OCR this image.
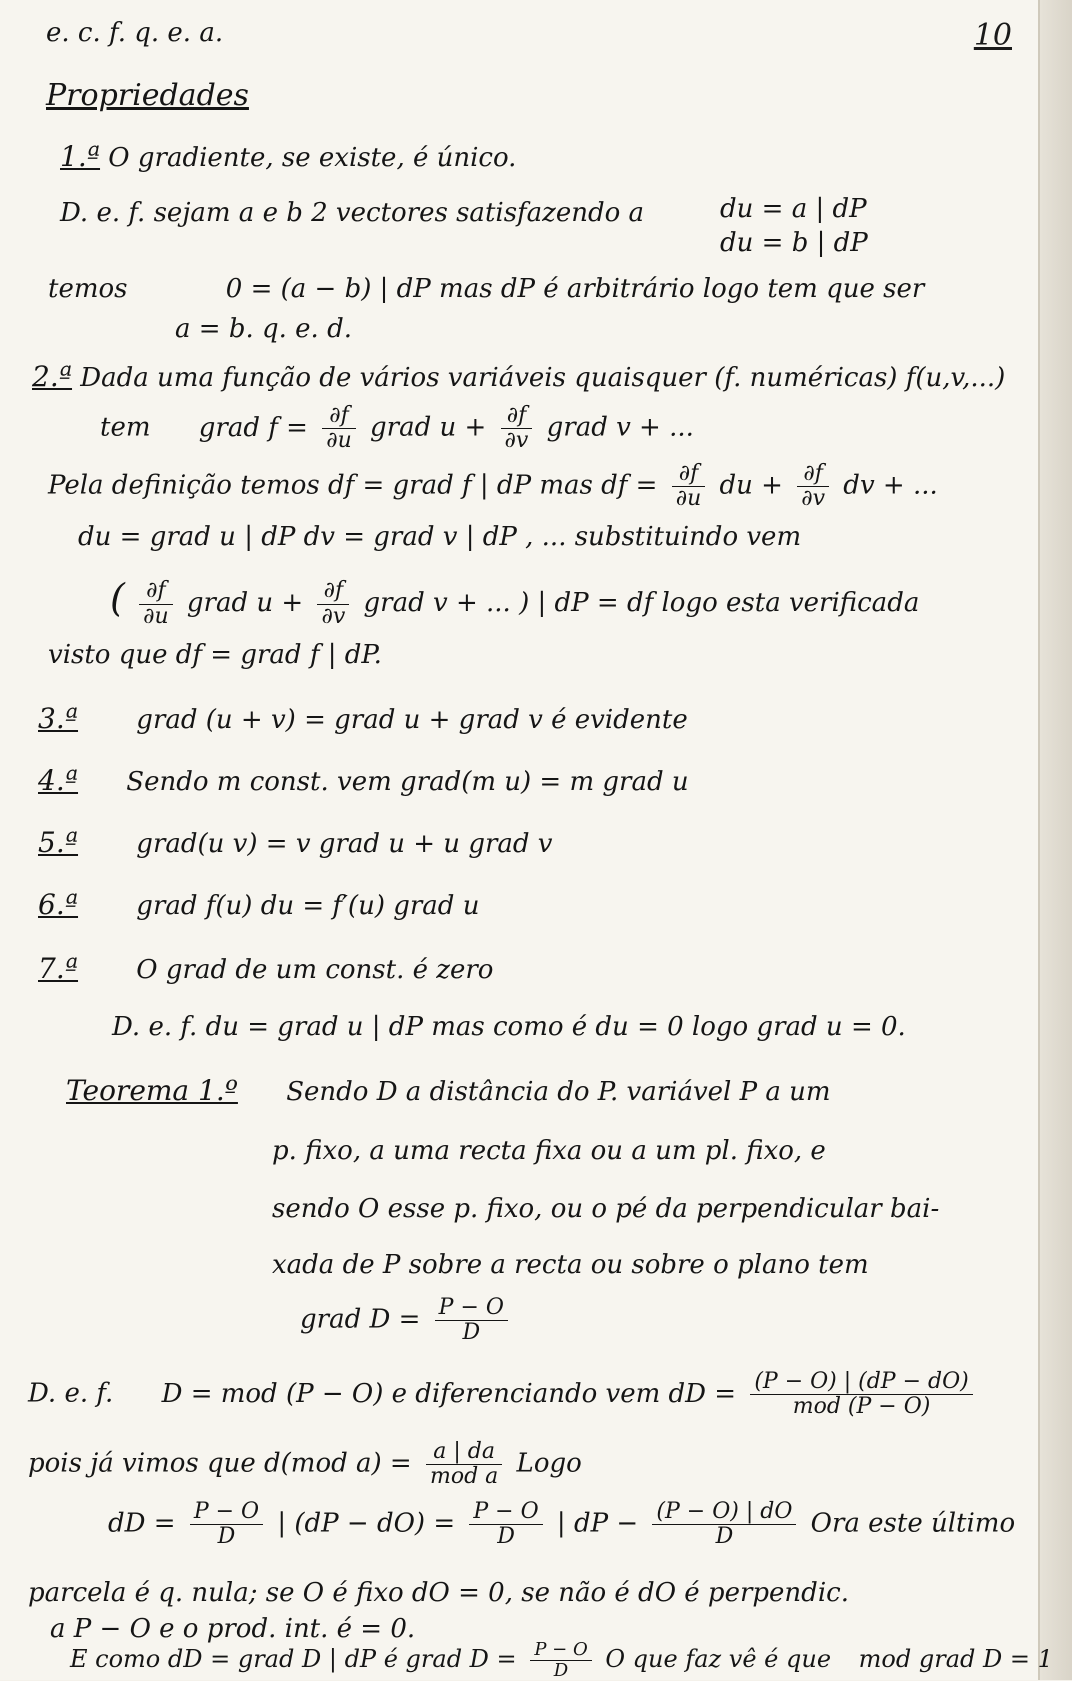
10
e. c. f. q. e. a.
Propriedades
1.ª O gradiente, se existe, é único.
D. e. f. sejam a e b 2 vectores satisfazendo a	du = a | dP
du = b | dP
temos	0 = (a − b) | dP mas dP é arbitrário logo tem que ser
a = b. q. e. d.
2.ª Dada uma função de vários variáveis quaisquer (f. numéricas) f(u,v,...)
tem grad $f = \frac{\partial f}{\partial u}$ grad $u + \frac{\partial f}{\partial v}$ grad v + ...
Pela definição temos df = grad f | dP mas df = $\frac{\partial f}{\partial u}$ du + $\frac{\partial f}{\partial v}$ dv + ...
du = grad u | dP dv = grad v | dP , ... substituindo vem
( $\frac{\partial f}{\partial u}$ grad $u + \frac{\partial f}{\partial v}$ grad v + ... ) | dP = df logo esta verificada
visto que df = grad f | dP.
3.ª grad (u + v) = grad u + grad v é evidente
4.ª Sendo m const. vem grad(m u) = m grad u
5.ª grad(u v) = v grad u + u grad v
6.ª grad f(u) du = f′(u) grad u
7.ª O grad de um const. é zero
D. e. f. du = grad u | dP mas como é du = 0 logo grad u = 0.
Teorema 1.º Sendo D a distância do P. variável P a um
p. fixo, a uma recta fixa ou a um pl. fixo, e
sendo O esse p. fixo, ou o pé da perpendicular bai-
xada de P sobre a recta ou sobre o plano tem
grad $D = \frac{P - O}{D}$
D. e. f. D = mod (P − O) e diferenciando vem dD = $\frac{(P - O) | (dP - dO)}{\text{mod (P − O)}}$
pois já vimos que d(mod $a) = \frac{a | da}{\text{mod a}}$ Logo
dD = $\frac{P - O}{D}$ | $(dP - dO) = \frac{P - O}{D}$ | dP − $\frac{(P - O) | dO}{D}$ Ora este último
parcela é q. nula; se O é fixo dO = 0, se não é dO é perpendic.
a P − O e o prod. int. é = 0.
E como dD = grad D | dP é grad $D = \frac{P - O}{D}$ O que faz vê é que mod grad D = 1
